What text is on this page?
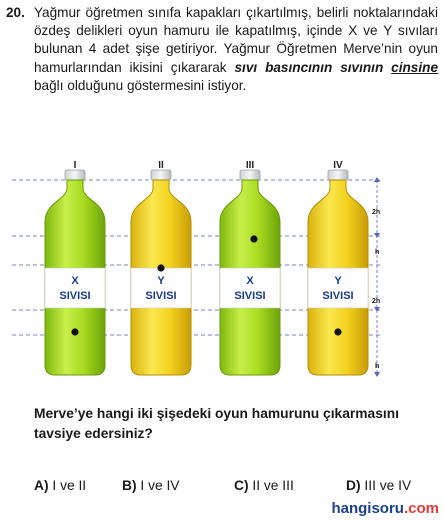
20. Yağmur öğretmen sınıfa kapakları çıkartılmış, belirli noktalarındaki özdeş delikleri oyun hamuru ile kapatılmış, içinde X ve Y sıvıları bulunan 4 adet şişe getiriyor. Yağmur Öğretmen Merve’nin oyun hamurlarından ikisini çıkararak sıvı basıncının sıvının cinsine bağlı olduğunu göstermesini istiyor.
X
SIVISI
I
Y
SIVISI
II
X
SIVISI
III
Y
SIVISI
IV
2h
h
2h
h
Merve’ye hangi iki şişedeki oyun hamurunu çıkarmasını tavsiye edersiniz?
A) I ve II	B) I ve IV	C) II ve III	D) III ve IV
hangisoru.com
